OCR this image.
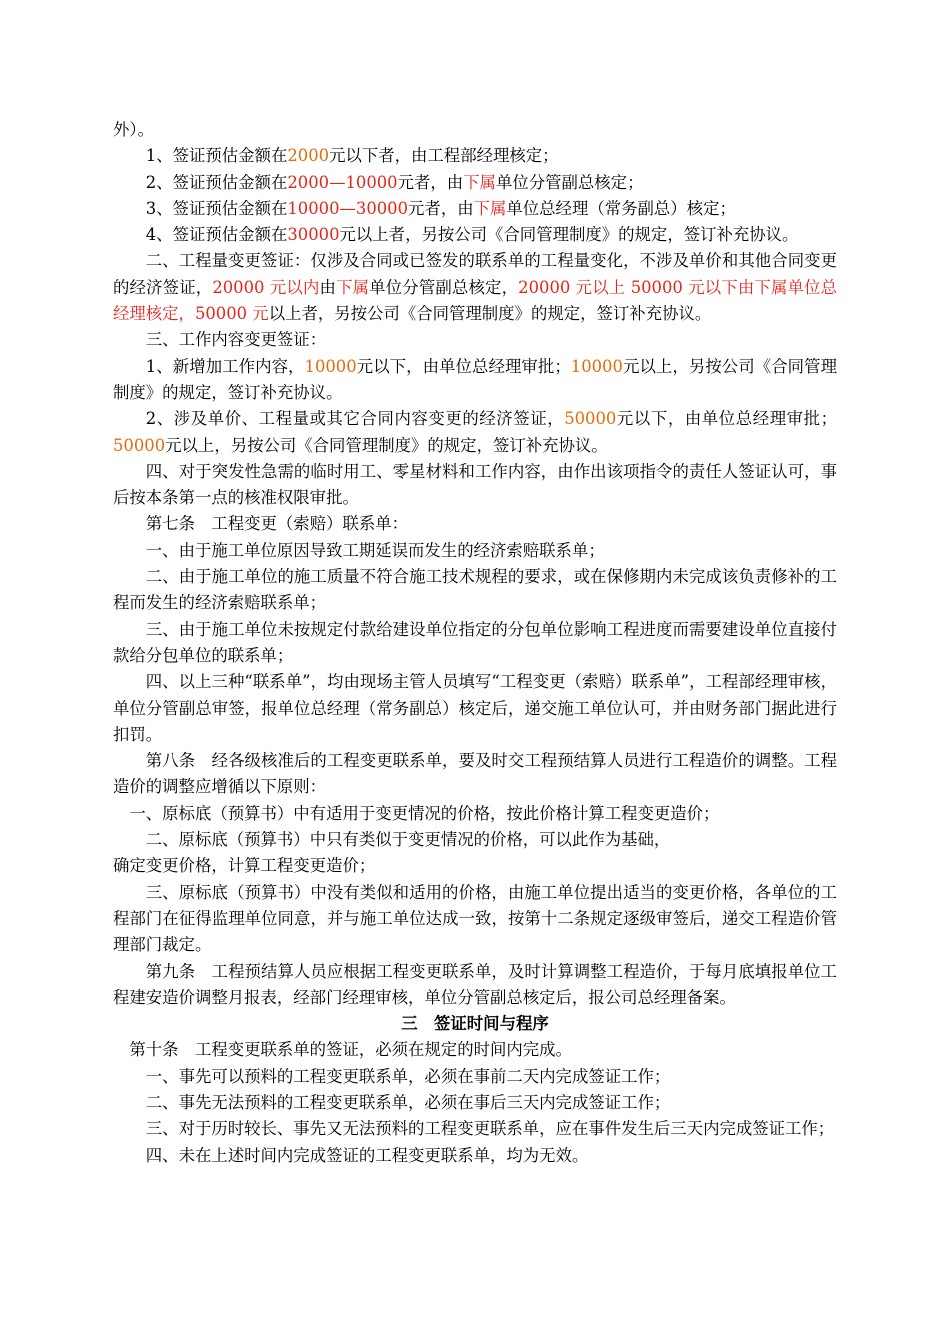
外）。

1、签证预估金额在2000元以下者，由工程部经理核定；

2、签证预估金额在2000—10000元者，由下属单位分管副总核定；

3、签证预估金额在10000—30000元者，由下属单位总经理（常务副总）核定；

4、签证预估金额在30000元以上者，另按公司《合同管理制度》的规定，签订补充协议。

二、工程量变更签证：仅涉及合同或已签发的联系单的工程量变化，不涉及单价和其他合同变更的经济签证，20000 元以内由下属单位分管副总核定，20000 元以上 50000 元以下由下属单位总经理核定，50000 元以上者，另按公司《合同管理制度》的规定，签订补充协议。

三、工作内容变更签证：

1、新增加工作内容，10000元以下，由单位总经理审批；10000元以上，另按公司《合同管理制度》的规定，签订补充协议。

2、涉及单价、工程量或其它合同内容变更的经济签证，50000元以下，由单位总经理审批；50000元以上，另按公司《合同管理制度》的规定，签订补充协议。

四、对于突发性急需的临时用工、零星材料和工作内容，由作出该项指令的责任人签证认可，事后按本条第一点的核准权限审批。

第七条　工程变更（索赔）联系单：

一、由于施工单位原因导致工期延误而发生的经济索赔联系单；

二、由于施工单位的施工质量不符合施工技术规程的要求，或在保修期内未完成该负责修补的工程而发生的经济索赔联系单；

三、由于施工单位未按规定付款给建设单位指定的分包单位影响工程进度而需要建设单位直接付款给分包单位的联系单；

四、以上三种“联系单”，均由现场主管人员填写“工程变更（索赔）联系单”，工程部经理审核，单位分管副总审签，报单位总经理（常务副总）核定后，递交施工单位认可，并由财务部门据此进行扣罚。

第八条　经各级核准后的工程变更联系单，要及时交工程预结算人员进行工程造价的调整。工程造价的调整应增循以下原则：

一、原标底（预算书）中有适用于变更情况的价格，按此价格计算工程变更造价；

二、原标底（预算书）中只有类似于变更情况的价格，可以此作为基础，

确定变更价格，计算工程变更造价；

三、原标底（预算书）中没有类似和适用的价格，由施工单位提出适当的变更价格，各单位的工程部门在征得监理单位同意，并与施工单位达成一致，按第十二条规定逐级审签后，递交工程造价管理部门裁定。

第九条　工程预结算人员应根据工程变更联系单，及时计算调整工程造价，于每月底填报单位工程建安造价调整月报表，经部门经理审核，单位分管副总核定后，报公司总经理备案。

三　签证时间与程序

第十条　工程变更联系单的签证，必须在规定的时间内完成。

一、事先可以预料的工程变更联系单，必须在事前二天内完成签证工作；

二、事先无法预料的工程变更联系单，必须在事后三天内完成签证工作；

三、对于历时较长、事先又无法预料的工程变更联系单，应在事件发生后三天内完成签证工作；

四、未在上述时间内完成签证的工程变更联系单，均为无效。
